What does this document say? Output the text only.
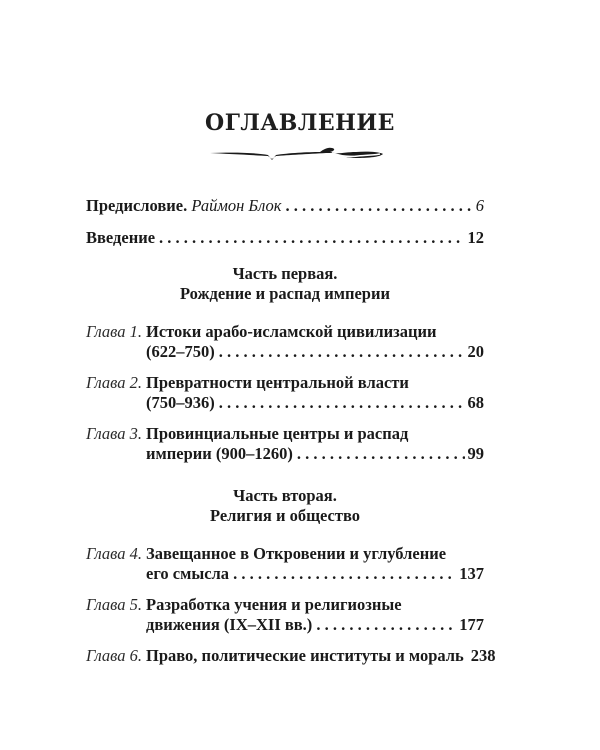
ОГЛАВЛЕНИЕ
Предисловие. Раймон Блок . . .	6
Введение . . .	12
Часть первая.
Рождение и распад империи
Глава 1. Истоки арабо-исламской цивилизации
(622–750) . . .	20
Глава 2. Превратности центральной власти
(750–936) . . .	68
Глава 3. Провинциальные центры и распад
империи (900–1260) . . .	99
Часть вторая.
Религия и общество
Глава 4. Завещанное в Откровении и углубление
его смысла . . .	137
Глава 5. Разработка учения и религиозные
движения (IX–XII вв.) . . .	177
Глава 6. Право, политические институты и мораль 238
